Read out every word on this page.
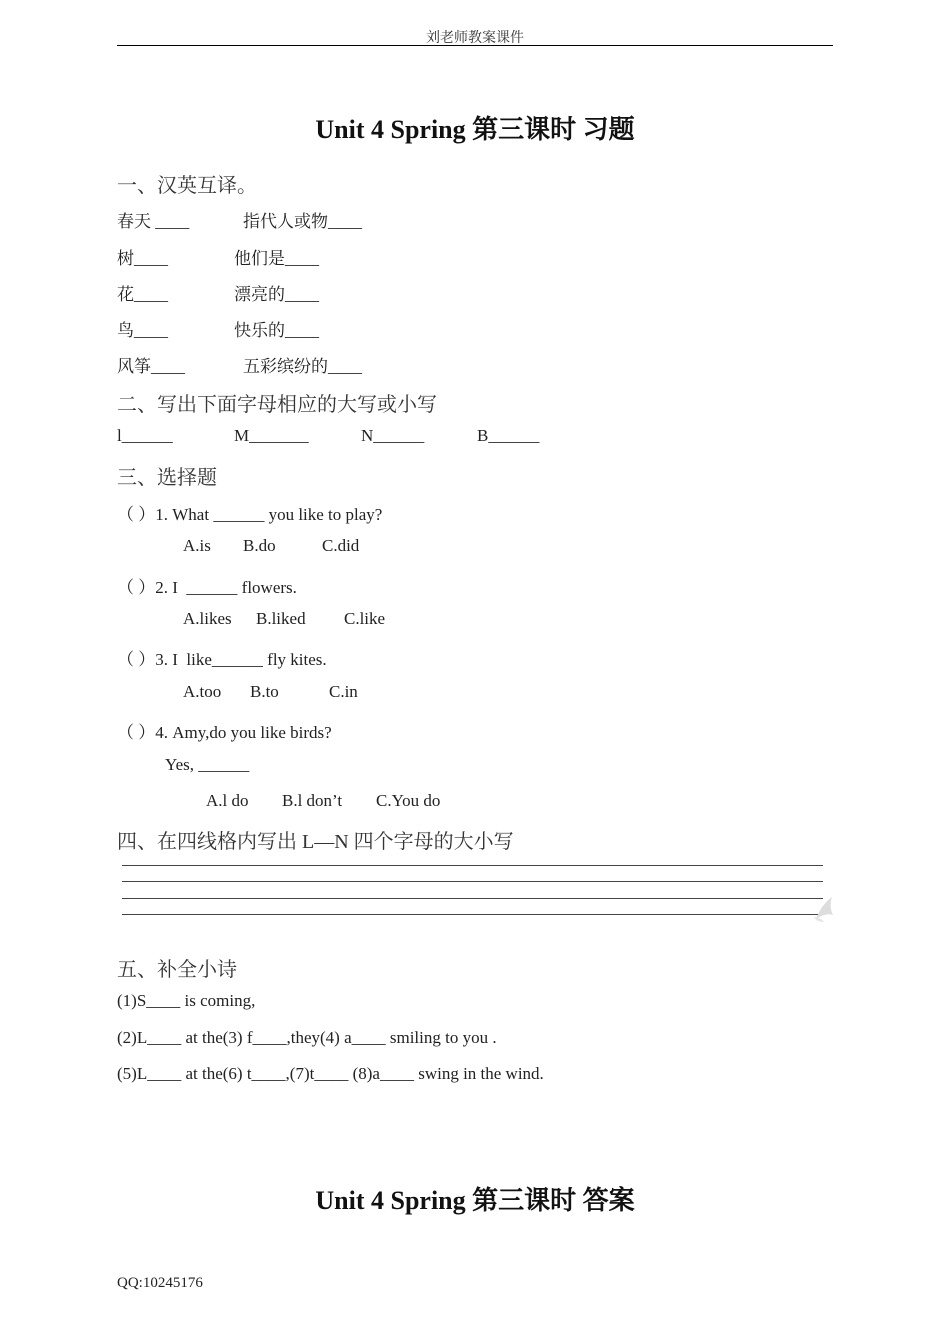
刘老师教案课件
Unit 4 Spring 第三课时 习题
一、汉英互译。
春天 ____	指代人或物____
树____	他们是____
花____	漂亮的____
鸟____	快乐的____
风筝____	五彩缤纷的____
二、写出下面字母相应的大写或小写
l______	M_______	N______	B______
三、选择题
（ ）1. What ______ you like to play?
A.is B.do	C.did
（ ）2. I  ______ flowers.
A.likes B.liked C.like
（ ）3. I  like______ fly kites.
A.too B.to	C.in
（ ）4. Amy,do you like birds?
Yes, ______
A.l do B.l don’t C.You do
四、在四线格内写出 L—N 四个字母的大小写
五、补全小诗
(1)S____ is coming,
(2)L____ at the(3) f____,they(4) a____ smiling to you .
(5)L____ at the(6) t____,(7)t____ (8)a____ swing in the wind.
Unit 4 Spring 第三课时 答案
QQ:10245176
